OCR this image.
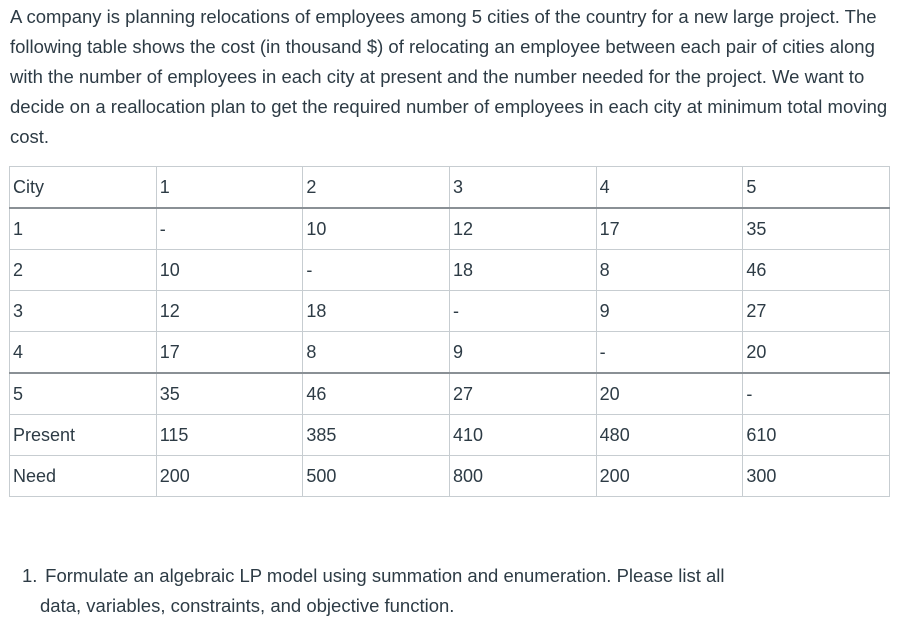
A company is planning relocations of employees among 5 cities of the country for a new large project. The following table shows the cost (in thousand $) of relocating an employee between each pair of cities along with the number of employees in each city at present and the number needed for the project. We want to decide on a reallocation plan to get the required number of employees in each city at minimum total moving cost.

City	1	2	3	4	5
1	-	10	12	17	35
2	10	-	18	8	46
3	12	18	-	9	27
4	17	8	9	-	20
5	35	46	27	20	-
Present	115	385	410	480	610
Need	200	500	800	200	300
1. Formulate an algebraic LP model using summation and enumeration. Please list all
data, variables, constraints, and objective function.
